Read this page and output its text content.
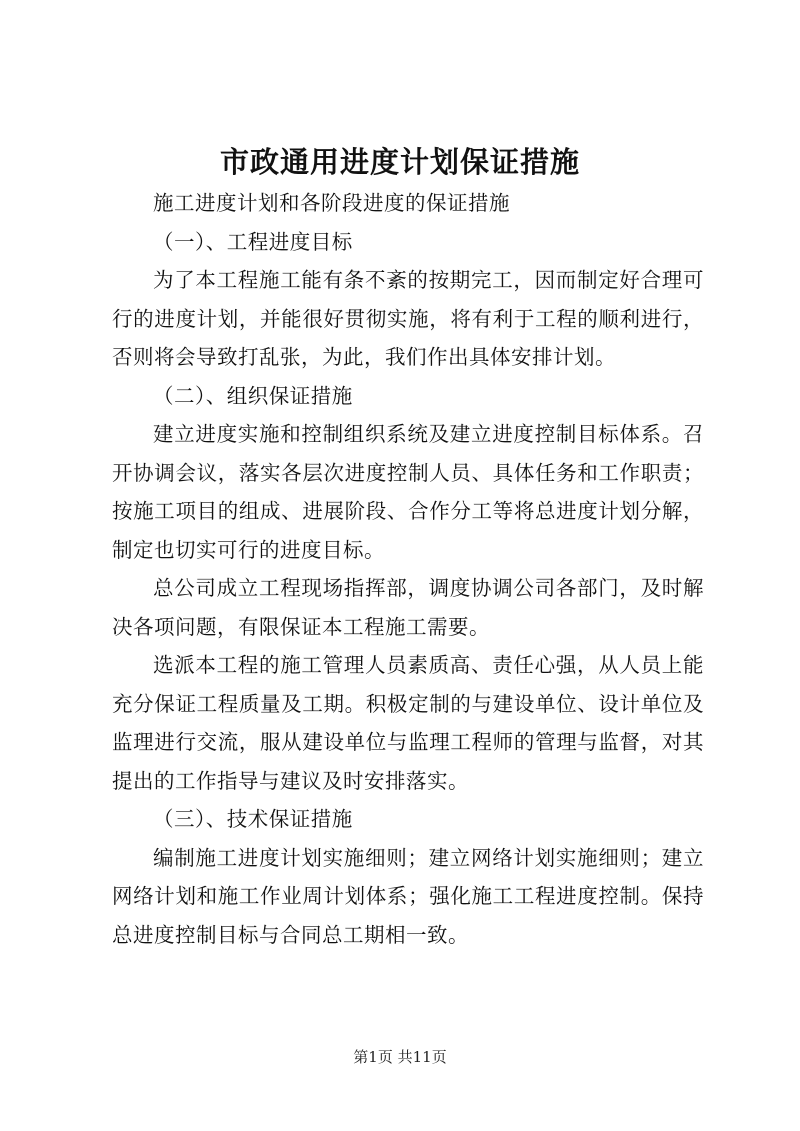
市政通用进度计划保证措施

施工进度计划和各阶段进度的保证措施

（一）、工程进度目标

为了本工程施工能有条不紊的按期完工，因而制定好合理可行的进度计划，并能很好贯彻实施，将有利于工程的顺利进行，否则将会导致打乱张，为此，我们作出具体安排计划。

（二）、组织保证措施

建立进度实施和控制组织系统及建立进度控制目标体系。召开协调会议，落实各层次进度控制人员、具体任务和工作职责；按施工项目的组成、进展阶段、合作分工等将总进度计划分解，制定也切实可行的进度目标。

总公司成立工程现场指挥部，调度协调公司各部门，及时解决各项问题，有限保证本工程施工需要。

选派本工程的施工管理人员素质高、责任心强，从人员上能充分保证工程质量及工期。积极定制的与建设单位、设计单位及监理进行交流，服从建设单位与监理工程师的管理与监督，对其提出的工作指导与建议及时安排落实。

（三）、技术保证措施

编制施工进度计划实施细则；建立网络计划实施细则；建立网络计划和施工作业周计划体系；强化施工工程进度控制。保持总进度控制目标与合同总工期相一致。

第1页 共11页
